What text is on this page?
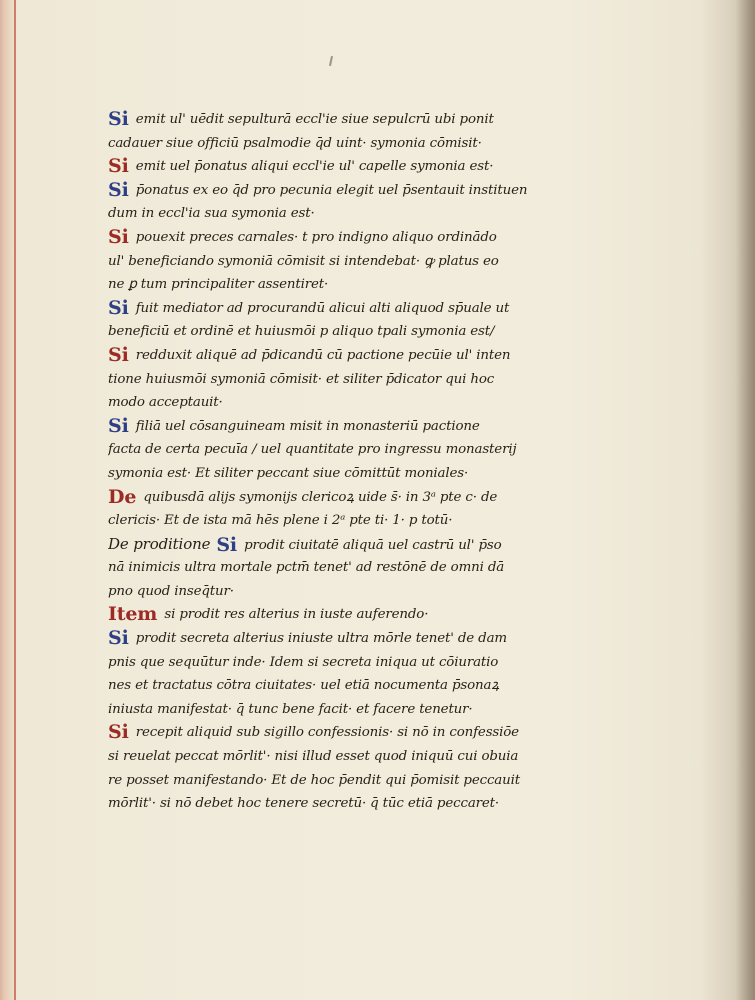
Si emit ul' uēdit sepulturā eccl'ie siue sepulcrū ubi ponit
cadauer siue officiū psalmodie q̄d ui̇nt· symonia cōmisit·
Si emit uel p̄onatus aliqui eccl'ie ul' capelle symonia est·
Si p̄onatus ex eo q̄d pro pecunia elegit uel p̄sentauit instituen
dum in eccl'ia sua symonia est·
Si pouexit preces carnales· t pro indigno aliquo ordinādo
ul' beneficiando symoniā cōmisit si intendebat· ꝙ platus eo
ne ꝑ tum principaliter assentiret·
Si fuit mediator ad procurandū alicui alti aliquod sp̄uale ut
beneficiū et ordinē et huiusmōi p aliquo tpali symonia est/
Si redduxit aliquē ad p̄dicandū cū pactione pecūie ul' inten
tione huiusmōi symoniā cōmisit· et siliter p̄dicator qui hoc
modo acceptauit·
Si filiā uel cōsanguineam misit in monasteriū pactione
facta de certa pecuīa / uel quantitate pro ingressu monasterij
symonia est· Et siliter peccant siue cōmittūt moniales·
De quibusdā alijs symonijs clericoꝝ uide s̄· in 3ᵃ pte c· de
clericis· Et de ista mā hēs plene i 2ᵃ pte ti· 1· p totū·
De proditione Si prodit ciuitatē aliquā uel castrū ul' p̄so
nā inimicis ultra mortale pctm̄ tenet' ad restōnē de omni dā
pno quod inseq̄tur·
Item si prodit res alterius in iuste auferendo·
Si prodit secreta alterius iniuste ultra mōrle tenet' de dam
pnis que sequūtur inde· Idem si secreta iniqua ut cōiuratio
nes et tractatus cōtra ciuitates· uel etiā nocumenta p̄sonaꝝ
iniusta manifestat· q̄ tunc bene facit· et facere tenetur·
Si recepit aliquid sub sigillo confessionis· si nō in confessiōe
si reuelat peccat mōrlit'· nisi illud esset quod iniquū cui obuia
re posset manifestando· Et de hoc p̄endit qui p̄omisit peccauit
mōrlit'· si nō debet hoc tenere secretū· q̄ tūc etiā peccaret·
